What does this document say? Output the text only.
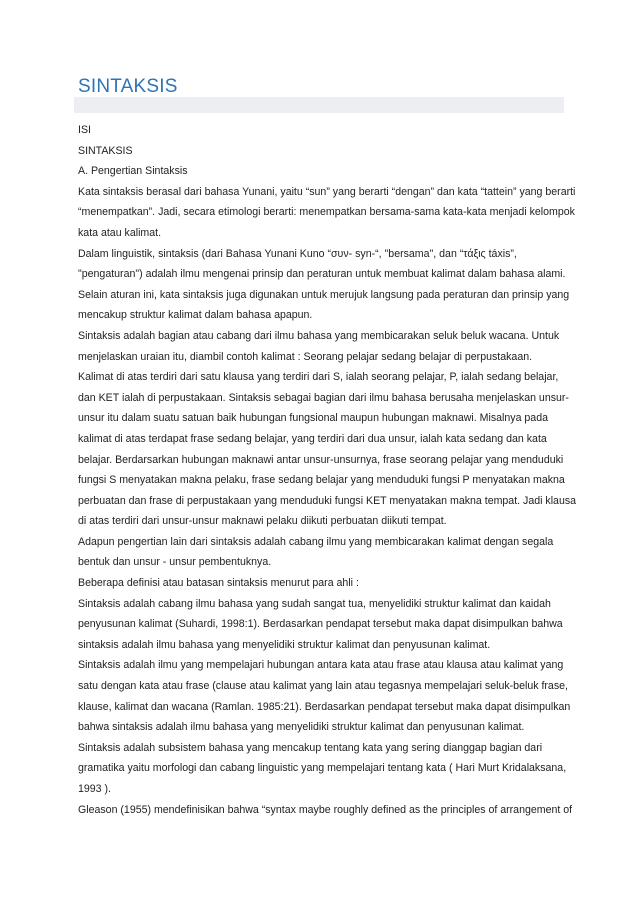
SINTAKSIS
ISI
SINTAKSIS
A. Pengertian Sintaksis
Kata sintaksis berasal dari bahasa Yunani, yaitu “sun” yang berarti “dengan” dan kata “tattein” yang berarti
“menempatkan”. Jadi, secara etimologi berarti: menempatkan bersama-sama kata-kata menjadi kelompok
kata atau kalimat.
Dalam linguistik, sintaksis (dari Bahasa Yunani Kuno “συν- syn-“, "bersama", dan “τάξις táxis”,
"pengaturan") adalah ilmu mengenai prinsip dan peraturan untuk membuat kalimat dalam bahasa alami.
Selain aturan ini, kata sintaksis juga digunakan untuk merujuk langsung pada peraturan dan prinsip yang
mencakup struktur kalimat dalam bahasa apapun.
Sintaksis adalah bagian atau cabang dari ilmu bahasa yang membicarakan seluk beluk wacana. Untuk
menjelaskan uraian itu, diambil contoh kalimat : Seorang pelajar sedang belajar di perpustakaan.
Kalimat di atas terdiri dari satu klausa yang terdiri dari S, ialah seorang pelajar, P, ialah sedang belajar,
dan KET ialah di perpustakaan. Sintaksis sebagai bagian dari ilmu bahasa berusaha menjelaskan unsur-
unsur itu dalam suatu satuan baik hubungan fungsional maupun hubungan maknawi. Misalnya pada
kalimat di atas terdapat frase sedang belajar, yang terdiri dari dua unsur, ialah kata sedang dan kata
belajar. Berdarsarkan hubungan maknawi antar unsur-unsurnya, frase seorang pelajar yang menduduki
fungsi S menyatakan makna pelaku, frase sedang belajar yang menduduki fungsi P menyatakan makna
perbuatan dan frase di perpustakaan yang menduduki fungsi KET menyatakan makna tempat. Jadi klausa
di atas terdiri dari unsur-unsur maknawi pelaku diikuti perbuatan diikuti tempat.
Adapun pengertian lain dari sintaksis adalah cabang ilmu yang membicarakan kalimat dengan segala
bentuk dan unsur - unsur pembentuknya.
Beberapa definisi atau batasan sintaksis menurut para ahli :
Sintaksis adalah cabang ilmu bahasa yang sudah sangat tua, menyelidiki struktur kalimat dan kaidah
penyusunan kalimat (Suhardi, 1998:1). Berdasarkan pendapat tersebut maka dapat disimpulkan bahwa
sintaksis adalah ilmu bahasa yang menyelidiki struktur kalimat dan penyusunan kalimat.
Sintaksis adalah ilmu yang mempelajari hubungan antara kata atau frase atau klausa atau kalimat yang
satu dengan kata atau frase (clause atau kalimat yang lain atau tegasnya mempelajari seluk-beluk frase,
klause, kalimat dan wacana (Ramlan. 1985:21). Berdasarkan pendapat tersebut maka dapat disimpulkan
bahwa sintaksis adalah ilmu bahasa yang menyelidiki struktur kalimat dan penyusunan kalimat.
Sintaksis adalah subsistem bahasa yang mencakup tentang kata yang sering dianggap bagian dari
gramatika yaitu morfologi dan cabang linguistic yang mempelajari tentang kata ( Hari Murt Kridalaksana,
1993 ).
Gleason (1955) mendefinisikan bahwa “syntax maybe roughly defined as the principles of arrangement of
